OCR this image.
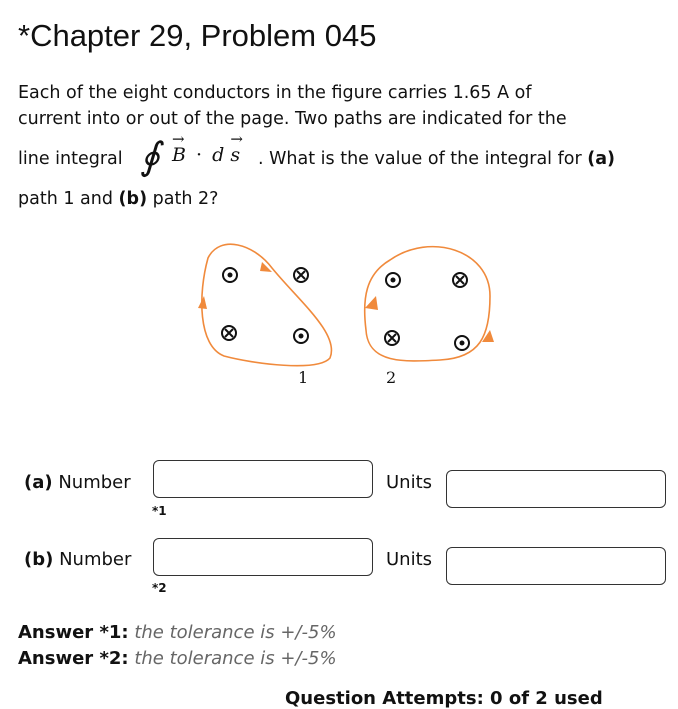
*Chapter 29, Problem 045
Each of the eight conductors in the figure carries 1.65 A of
current into or out of the page. Two paths are indicated for the
line integral ∮ →
B · d
→
s . What is the value of the integral for (a)
path 1 and (b) path 2?
1	2
(a) Number
*1
Units
(b) Number
*2
Units
Answer *1: the tolerance is +/-5%
Answer *2: the tolerance is +/-5%
Question Attempts: 0 of 2 used
